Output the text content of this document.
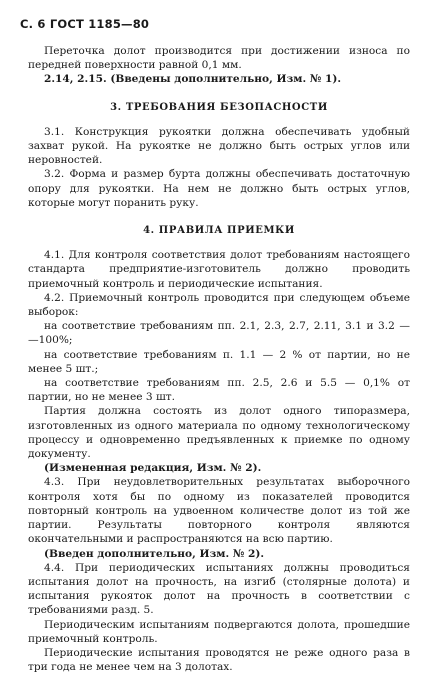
С. 6 ГОСТ 1185—80

Переточка долот производится при достижении износа по передней поверхности равной 0,1 мм.

2.14, 2.15. (Введены дополнительно, Изм. № 1).

3. ТРЕБОВАНИЯ БЕЗОПАСНОСТИ

3.1. Конструкция рукоятки должна обеспечивать удобный захват рукой. На рукоятке не должно быть острых углов или неровностей.

3.2. Форма и размер бурта должны обеспечивать достаточную опору для рукоятки. На нем не должно быть острых углов, которые могут поранить руку.

4. ПРАВИЛА ПРИЕМКИ

4.1. Для контроля соответствия долот требованиям настоящего стандарта предприятие-изготовитель должно проводить приемочный контроль и периодические испытания.

4.2. Приемочный контроль проводится при следующем объеме выборок:

на соответствие требованиям пп. 2.1, 2.3, 2.7, 2.11, 3.1 и 3.2 — —100%;

на соответствие требованиям п. 1.1 — 2 % от партии, но не менее 5 шт.;

на соответствие требованиям пп. 2.5, 2.6 и 5.5 — 0,1% от партии, но не менее 3 шт.

Партия должна состоять из долот одного типоразмера, изготовленных из одного материала по одному технологическому процессу и одновременно предъявленных к приемке по одному документу.

(Измененная редакция, Изм. № 2).

4.3. При неудовлетворительных результатах выборочного контроля хотя бы по одному из показателей проводится повторный контроль на удвоенном количестве долот из той же партии. Результаты повторного контроля являются окончательными и распространяются на всю партию.

(Введен дополнительно, Изм. № 2).

4.4. При периодических испытаниях должны проводиться испытания долот на прочность, на изгиб (столярные долота) и испытания рукояток долот на прочность в соответствии с требованиями разд. 5.

Периодическим испытаниям подвергаются долота, прошедшие приемочный контроль.

Периодические испытания проводятся не реже одного раза в три года не менее чем на 3 долотах.
